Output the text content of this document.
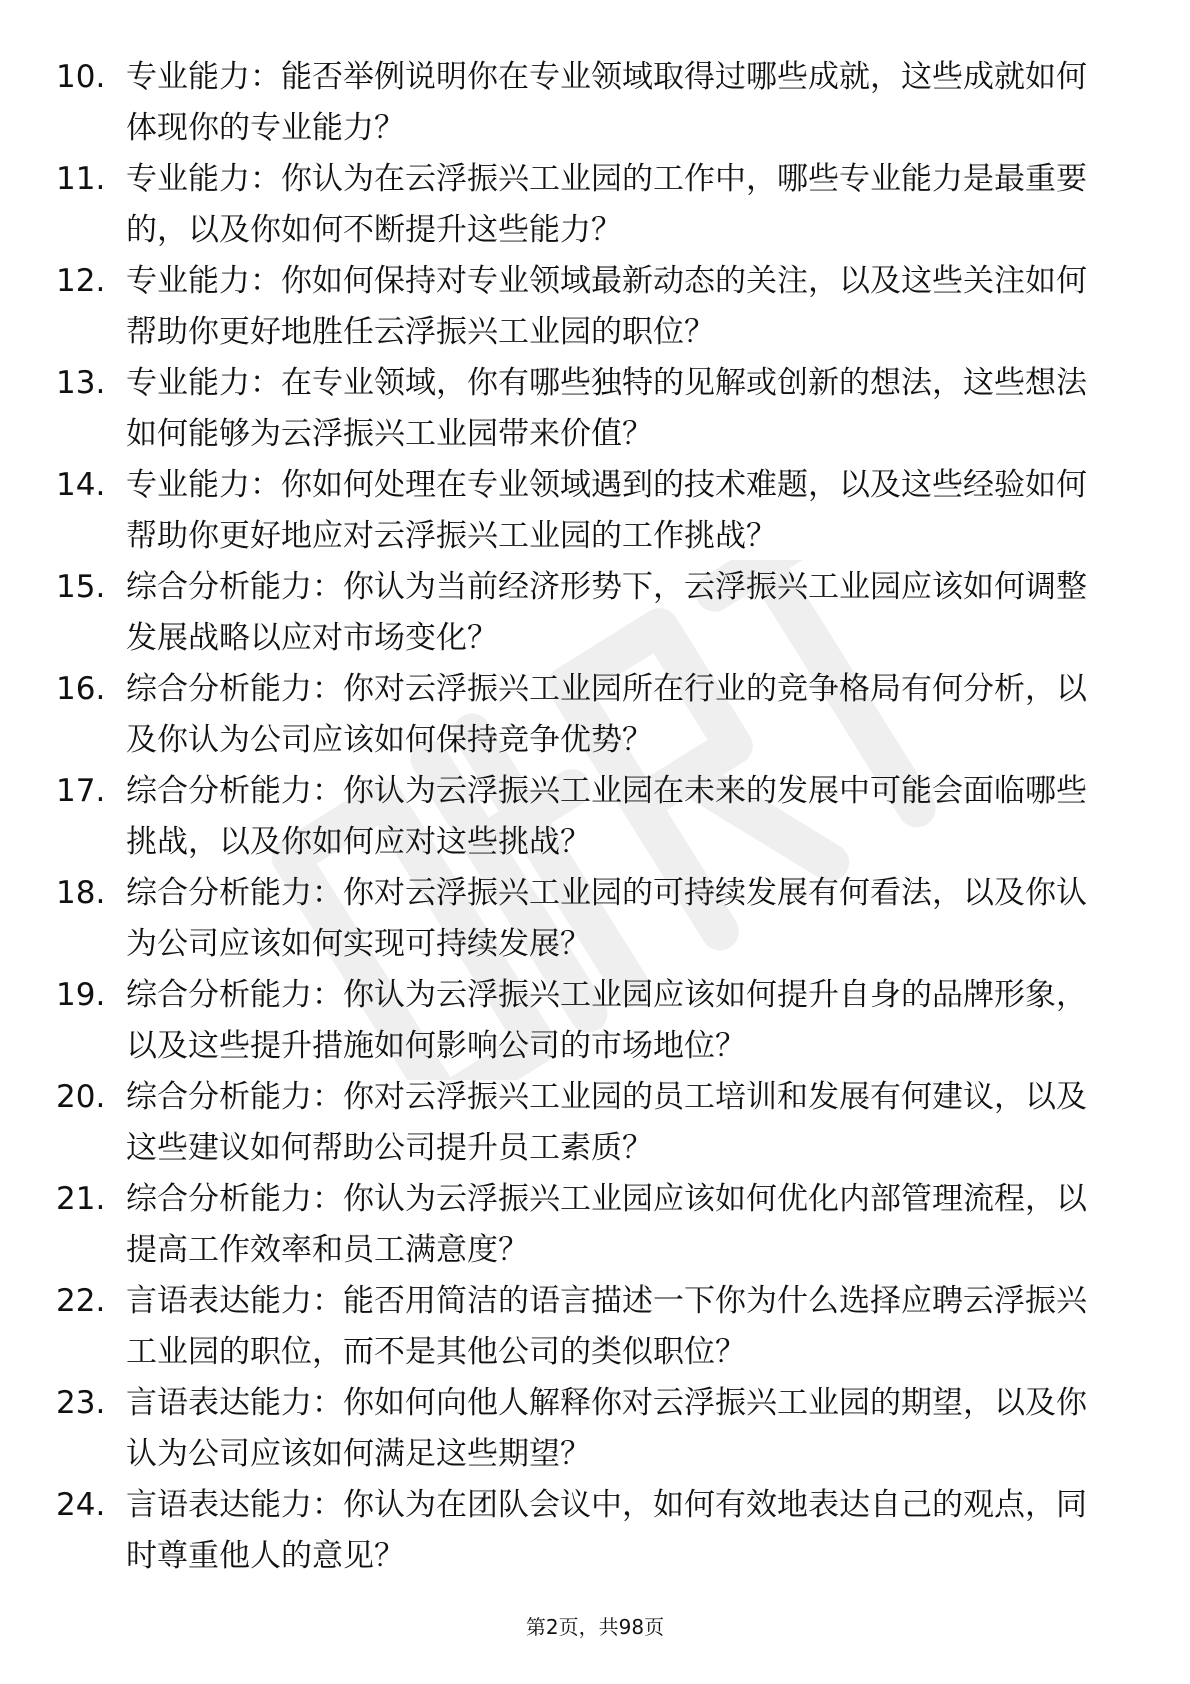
10. 专业能力：能否举例说明你在专业领域取得过哪些成就，这些成就如何体现你的专业能力？
11. 专业能力：你认为在云浮振兴工业园的工作中，哪些专业能力是最重要的，以及你如何不断提升这些能力？
12. 专业能力：你如何保持对专业领域最新动态的关注，以及这些关注如何帮助你更好地胜任云浮振兴工业园的职位？
13. 专业能力：在专业领域，你有哪些独特的见解或创新的想法，这些想法如何能够为云浮振兴工业园带来价值？
14. 专业能力：你如何处理在专业领域遇到的技术难题，以及这些经验如何帮助你更好地应对云浮振兴工业园的工作挑战？
15. 综合分析能力：你认为当前经济形势下，云浮振兴工业园应该如何调整发展战略以应对市场变化？
16. 综合分析能力：你对云浮振兴工业园所在行业的竞争格局有何分析，以及你认为公司应该如何保持竞争优势？
17. 综合分析能力：你认为云浮振兴工业园在未来的发展中可能会面临哪些挑战，以及你如何应对这些挑战？
18. 综合分析能力：你对云浮振兴工业园的可持续发展有何看法，以及你认为公司应该如何实现可持续发展？
19. 综合分析能力：你认为云浮振兴工业园应该如何提升自身的品牌形象，以及这些提升措施如何影响公司的市场地位？
20. 综合分析能力：你对云浮振兴工业园的员工培训和发展有何建议，以及这些建议如何帮助公司提升员工素质？
21. 综合分析能力：你认为云浮振兴工业园应该如何优化内部管理流程，以提高工作效率和员工满意度？
22. 言语表达能力：能否用简洁的语言描述一下你为什么选择应聘云浮振兴工业园的职位，而不是其他公司的类似职位？
23. 言语表达能力：你如何向他人解释你对云浮振兴工业园的期望，以及你认为公司应该如何满足这些期望？
24. 言语表达能力：你认为在团队会议中，如何有效地表达自己的观点，同时尊重他人的意见？
第2页，共98页
